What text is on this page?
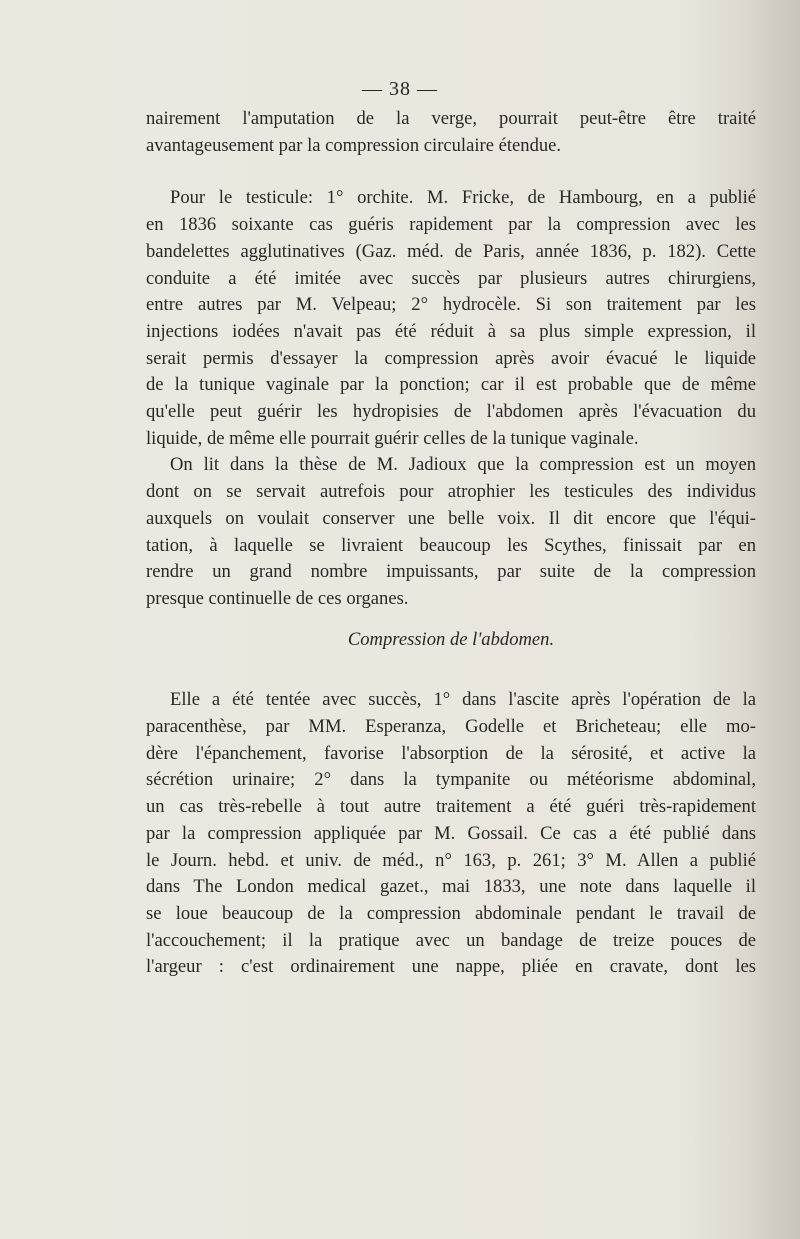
— 38 —
nairement l'amputation de la verge, pourrait peut-être être traité
avantageusement par la compression circulaire étendue.
Pour le testicule: 1° orchite. M. Fricke, de Hambourg, en a publié
en 1836 soixante cas guéris rapidement par la compression avec les
bandelettes agglutinatives (Gaz. méd. de Paris, année 1836, p. 182). Cette
conduite a été imitée avec succès par plusieurs autres chirurgiens,
entre autres par M. Velpeau; 2° hydrocèle. Si son traitement par les
injections iodées n'avait pas été réduit à sa plus simple expression, il
serait permis d'essayer la compression après avoir évacué le liquide
de la tunique vaginale par la ponction; car il est probable que de même
qu'elle peut guérir les hydropisies de l'abdomen après l'évacuation du
liquide, de même elle pourrait guérir celles de la tunique vaginale.
On lit dans la thèse de M. Jadioux que la compression est un moyen
dont on se servait autrefois pour atrophier les testicules des individus
auxquels on voulait conserver une belle voix. Il dit encore que l'équi-
tation, à laquelle se livraient beaucoup les Scythes, finissait par en
rendre un grand nombre impuissants, par suite de la compression
presque continuelle de ces organes.
Compression de l'abdomen.
Elle a été tentée avec succès, 1° dans l'ascite après l'opération de la
paracenthèse, par MM. Esperanza, Godelle et Bricheteau; elle mo-
dère l'épanchement, favorise l'absorption de la sérosité, et active la
sécrétion urinaire; 2° dans la tympanite ou météorisme abdominal,
un cas très-rebelle à tout autre traitement a été guéri très-rapidement
par la compression appliquée par M. Gossail. Ce cas a été publié dans
le Journ. hebd. et univ. de méd., n° 163, p. 261; 3° M. Allen a publié
dans The London medical gazet., mai 1833, une note dans laquelle il
se loue beaucoup de la compression abdominale pendant le travail de
l'accouchement; il la pratique avec un bandage de treize pouces de
l'argeur : c'est ordinairement une nappe, pliée en cravate, dont les
